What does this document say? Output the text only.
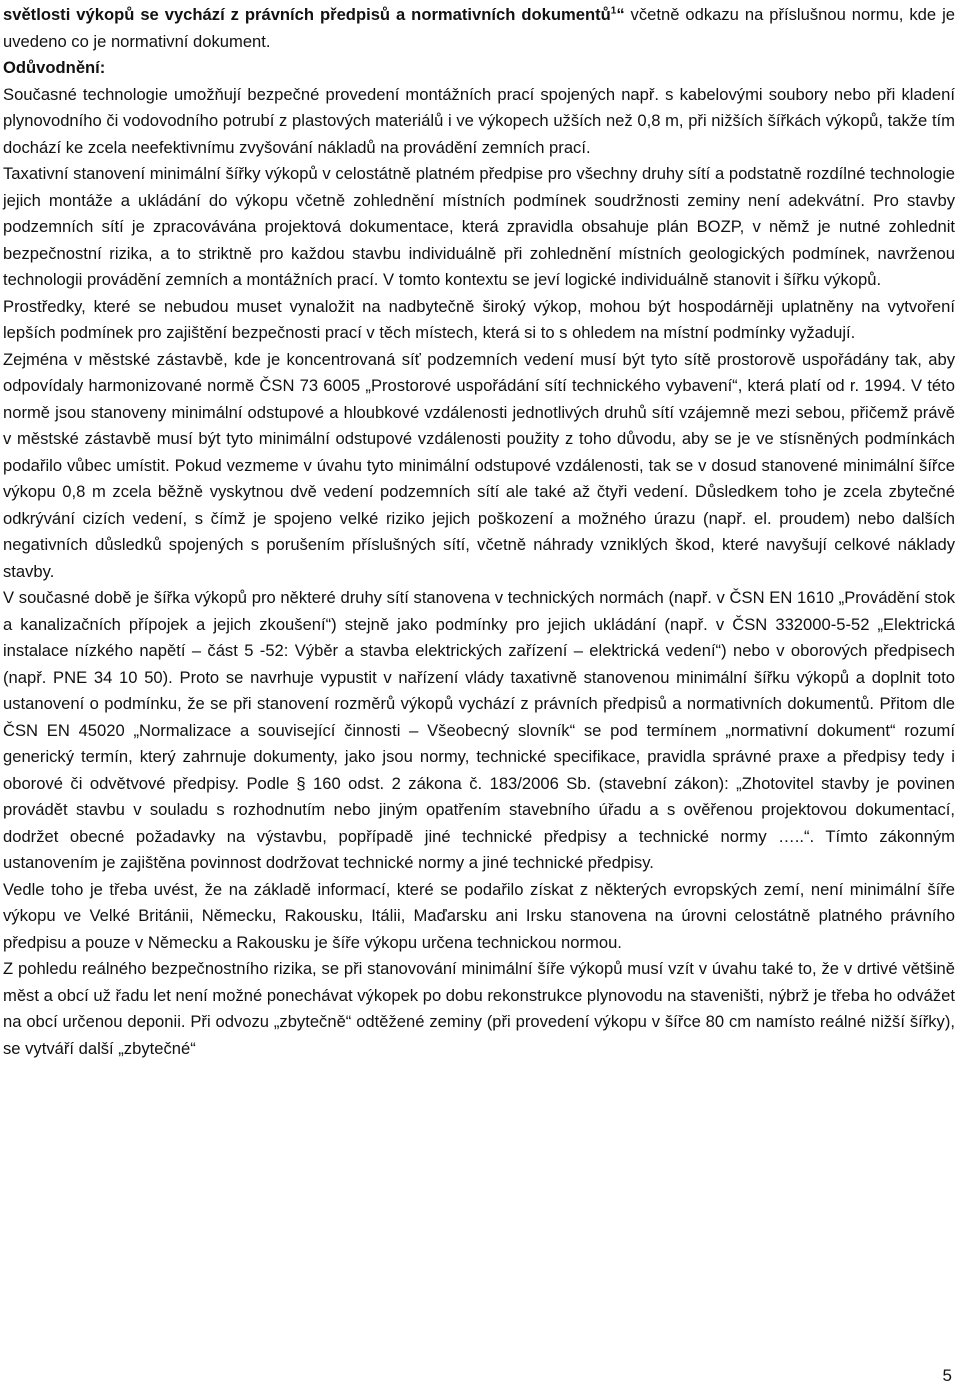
světlosti výkopů se vychází z právních předpisů a normativních dokumentů$^1$“ včetně odkazu na příslušnou normu, kde je uvedeno co je normativní dokument.

Odůvodnění:

Současné technologie umožňují bezpečné provedení montážních prací spojených např. s kabelovými soubory nebo při kladení plynovodního či vodovodního potrubí z plastových materiálů i ve výkopech užších než 0,8 m, při nižších šířkách výkopů, takže tím dochází ke zcela neefektivnímu zvyšování nákladů na provádění zemních prací.

Taxativní stanovení minimální šířky výkopů v celostátně platném předpise pro všechny druhy sítí a podstatně rozdílné technologie jejich montáže a ukládání do výkopu včetně zohlednění místních podmínek soudržnosti zeminy není adekvátní. Pro stavby podzemních sítí je zpracovávána projektová dokumentace, která zpravidla obsahuje plán BOZP, v němž je nutné zohlednit bezpečnostní rizika, a to striktně pro každou stavbu individuálně při zohlednění místních geologických podmínek, navrženou technologii provádění zemních a montážních prací. V tomto kontextu se jeví logické individuálně stanovit i šířku výkopů.

Prostředky, které se nebudou muset vynaložit na nadbytečně široký výkop, mohou být hospodárněji uplatněny na vytvoření lepších podmínek pro zajištění bezpečnosti prací v těch místech, která si to s ohledem na místní podmínky vyžadují.

Zejména v městské zástavbě, kde je koncentrovaná síť podzemních vedení musí být tyto sítě prostorově uspořádány tak, aby odpovídaly harmonizované normě ČSN 73 6005 „Prostorové uspořádání sítí technického vybavení“, která platí od r. 1994. V této normě jsou stanoveny minimální odstupové a hloubkové vzdálenosti jednotlivých druhů sítí vzájemně mezi sebou, přičemž právě v městské zástavbě musí být tyto minimální odstupové vzdálenosti použity z toho důvodu, aby se je ve stísněných podmínkách podařilo vůbec umístit. Pokud vezmeme v úvahu tyto minimální odstupové vzdálenosti, tak se v dosud stanovené minimální šířce výkopu 0,8 m zcela běžně vyskytnou dvě vedení podzemních sítí ale také až čtyři vedení. Důsledkem toho je zcela zbytečné odkrývání cizích vedení, s čímž je spojeno velké riziko jejich poškození a možného úrazu (např. el. proudem) nebo dalších negativních důsledků spojených s porušením příslušných sítí, včetně náhrady vzniklých škod, které navyšují celkové náklady stavby.

V současné době je šířka výkopů pro některé druhy sítí stanovena v technických normách (např. v ČSN EN 1610 „Provádění stok a kanalizačních přípojek a jejich zkoušení“) stejně jako podmínky pro jejich ukládání (např. v ČSN 332000-5-52 „Elektrická instalace nízkého napětí – část 5 -52: Výběr a stavba elektrických zařízení – elektrická vedení“) nebo v oborových předpisech (např. PNE 34 10 50). Proto se navrhuje vypustit v nařízení vlády taxativně stanovenou minimální šířku výkopů a doplnit toto ustanovení o podmínku, že se při stanovení rozměrů výkopů vychází z právních předpisů a normativních dokumentů. Přitom dle ČSN EN 45020 „Normalizace a související činnosti – Všeobecný slovník“ se pod termínem „normativní dokument“ rozumí generický termín, který zahrnuje dokumenty, jako jsou normy, technické specifikace, pravidla správné praxe a předpisy tedy i oborové či odvětvové předpisy. Podle § 160 odst. 2 zákona č. 183/2006 Sb. (stavební zákon): „Zhotovitel stavby je povinen provádět stavbu v souladu s rozhodnutím nebo jiným opatřením stavebního úřadu a s ověřenou projektovou dokumentací, dodržet obecné požadavky na výstavbu, popřípadě jiné technické předpisy a technické normy …..“. Tímto zákonným ustanovením je zajištěna povinnost dodržovat technické normy a jiné technické předpisy.

Vedle toho je třeba uvést, že na základě informací, které se podařilo získat z některých evropských zemí, není minimální šíře výkopu ve Velké Británii, Německu, Rakousku, Itálii, Maďarsku ani Irsku stanovena na úrovni celostátně platného právního předpisu a pouze v Německu a Rakousku je šíře výkopu určena technickou normou.

Z pohledu reálného bezpečnostního rizika, se při stanovování minimální šíře výkopů musí vzít v úvahu také to, že v drtivé většině měst a obcí už řadu let není možné ponechávat výkopek po dobu rekonstrukce plynovodu na staveništi, nýbrž je třeba ho odvážet na obcí určenou deponii. Při odvozu „zbytečně“ odtěžené zeminy (při provedení výkopu v šířce 80 cm namísto reálné nižší šířky), se vytváří další „zbytečné“

5
